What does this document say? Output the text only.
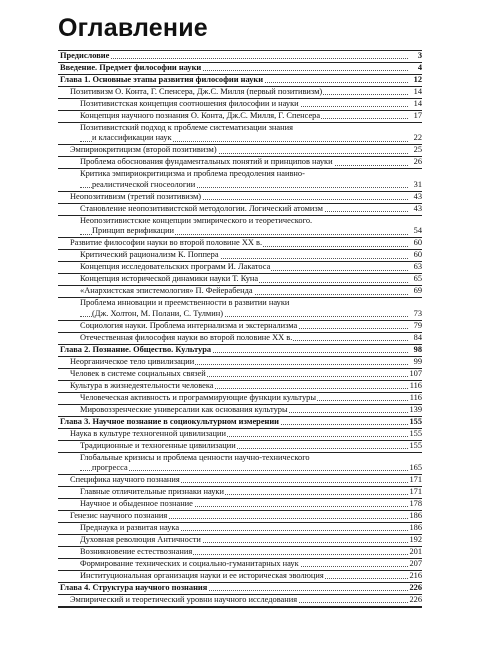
Оглавление
Предисловие	3
Введение. Предмет философии науки	4
Глава 1. Основные этапы развития философии науки	12
Позитивизм О. Конта, Г. Спенсера, Дж.С. Милля (первый позитивизм)	14
Позитивистская концепция соотношения философии и науки	14
Концепция научного познания О. Конта, Дж.С. Милля, Г. Спенсера	17
Позитивистский подход к проблеме систематизации знания
и классификации наук	22
Эмпириокритицизм (второй позитивизм)	25
Проблема обоснования фундаментальных понятий и принципов науки	26
Критика эмпириокритицизма и проблема преодоления наивно-
реалистической гносеологии	31
Неопозитивизм (третий позитивизм)	43
Становление неопозитивистской методологии. Логический атомизм	43
Неопозитивистские концепции эмпирического и теоретического.
Принцип верификации	54
Развитие философии науки во второй половине XX в.	60
Критический рационализм К. Поппера	60
Концепция исследовательских программ И. Лакатоса	63
Концепция исторической динамики науки Т. Куна	65
«Анархистская эпистемология» П. Фейерабенда	69
Проблема инновации и преемственности в развитии науки
(Дж. Холтон, М. Полани, С. Тулмин)	73
Социология науки. Проблема интернализма и экстернализма	79
Отечественная философия науки во второй половине XX в.	84
Глава 2. Познание. Общество. Культура	98
Неорганическое тело цивилизации	99
Человек в системе социальных связей	107
Культура в жизнедеятельности человека	116
Человеческая активность и программирующие функции культуры	116
Мировоззренческие универсалии как основания культуры	139
Глава 3. Научное познание в социокультурном измерении	155
Наука в культуре техногенной цивилизации	155
Традиционные и техногенные цивилизации	155
Глобальные кризисы и проблема ценности научно-технического
прогресса	165
Специфика научного познания	171
Главные отличительные признаки науки	171
Научное и обыденное познание	178
Генезис научного познания	186
Преднаука и развитая наука	186
Духовная революция Античности	192
Возникновение естествознания	201
Формирование технических и социально-гуманитарных наук	207
Институциональная организация науки и ее историческая эволюция	216
Глава 4. Структура научного познания	226
Эмпирический и теоретический уровни научного исследования	226
